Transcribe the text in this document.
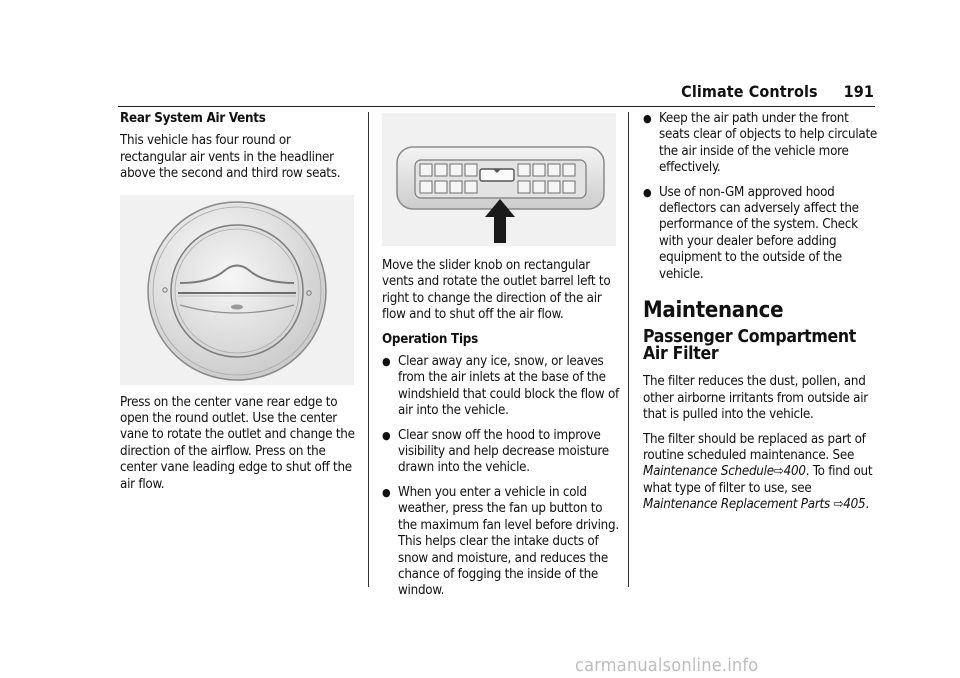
Climate Controls 191

Rear System Air Vents

This vehicle has four round or rectangular air vents in the headliner above the second and third row seats.

Press on the center vane rear edge to open the round outlet. Use the center vane to rotate the outlet and change the direction of the airflow. Press on the center vane leading edge to shut off the air flow.

Move the slider knob on rectangular vents and rotate the outlet barrel left to right to change the direction of the air flow and to shut off the air flow.

Operation Tips

● Clear away any ice, snow, or leaves from the air inlets at the base of the windshield that could block the flow of air into the vehicle.
● Clear snow off the hood to improve visibility and help decrease moisture drawn into the vehicle.
● When you enter a vehicle in cold weather, press the fan up button to the maximum fan level before driving. This helps clear the intake ducts of snow and moisture, and reduces the chance of fogging the inside of the window.
● Keep the air path under the front seats clear of objects to help circulate the air inside of the vehicle more effectively.
● Use of non-GM approved hood deflectors can adversely affect the performance of the system. Check with your dealer before adding equipment to the outside of the vehicle.
Maintenance
Passenger Compartment Air Filter

The filter reduces the dust, pollen, and other airborne irritants from outside air that is pulled into the vehicle.

The filter should be replaced as part of routine scheduled maintenance. See Maintenance Schedule⇨400. To find out what type of filter to use, see Maintenance Replacement Parts ⇨405.

carmanualsonline.info
